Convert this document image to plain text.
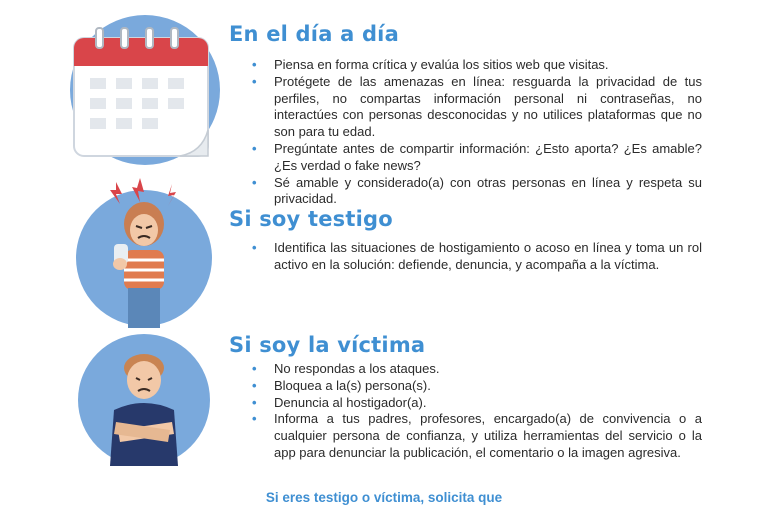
En el día a día
• Piensa en forma crítica y evalúa los sitios web que visitas.
• Protégete de las amenazas en línea: resguarda la privacidad de tus perfiles, no compartas información personal ni contraseñas, no interactúes con personas desconocidas y no utilices plataformas que no son para tu edad.
• Pregúntate antes de compartir información: ¿Esto aporta? ¿Es amable? ¿Es verdad o fake news?
• Sé amable y considerado(a) con otras personas en línea y respeta su privacidad.
Si soy testigo
• Identifica las situaciones de hostigamiento o acoso en línea y toma un rol activo en la solución: defiende, denuncia, y acompaña a la víctima.
Si soy la víctima
• No respondas a los ataques.
• Bloquea a la(s) persona(s).
• Denuncia al hostigador(a).
• Informa a tus padres, profesores, encargado(a) de convivencia o a cualquier persona de confianza, y utiliza herramientas del servicio o la app para denunciar la publicación, el comentario o la imagen agresiva.
Si eres testigo o víctima, solicita que
